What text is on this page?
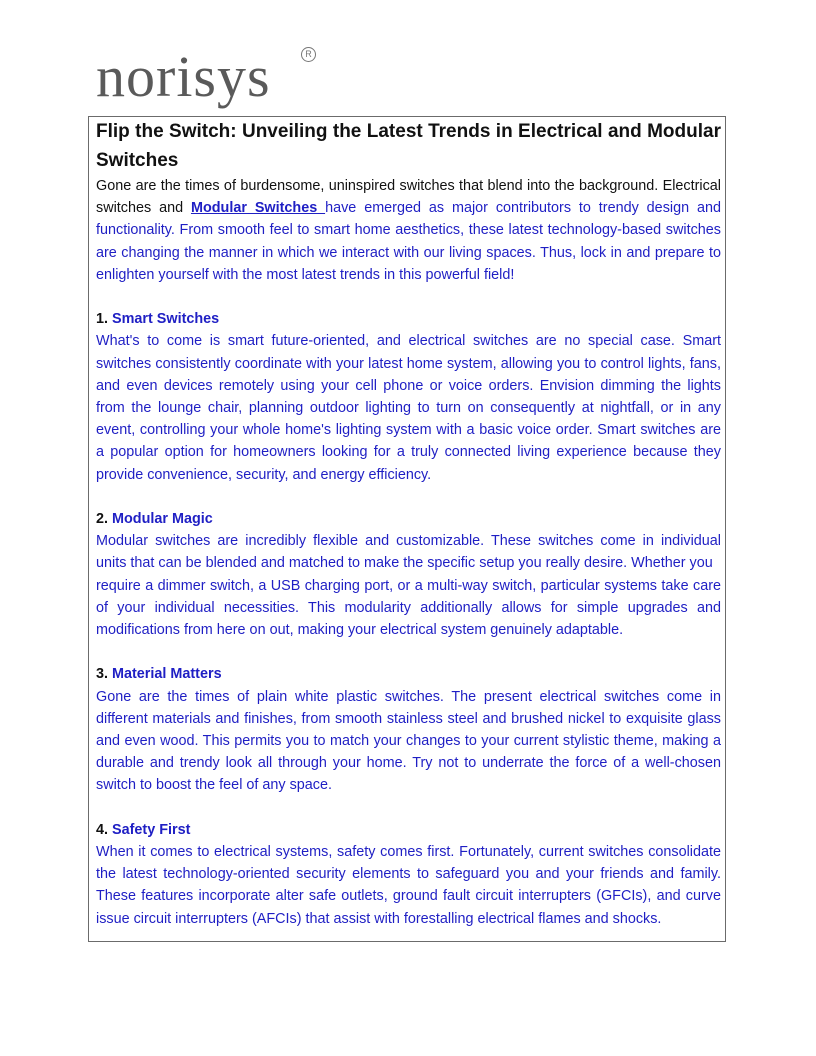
norisys	R
Flip the Switch: Unveiling the Latest Trends in Electrical and Modular Switches

Gone are the times of burdensome, uninspired switches that blend into the background. Electrical switches and Modular Switches have emerged as major contributors to trendy design and functionality. From smooth feel to smart home aesthetics, these latest technology-based switches are changing the manner in which we interact with our living spaces. Thus, lock in and prepare to enlighten yourself with the most latest trends in this powerful field!

1. Smart Switches

What's to come is smart future-oriented, and electrical switches are no special case. Smart switches consistently coordinate with your latest home system, allowing you to control lights, fans, and even devices remotely using your cell phone or voice orders. Envision dimming the lights from the lounge chair, planning outdoor lighting to turn on consequently at nightfall, or in any event, controlling your whole home's lighting system with a basic voice order. Smart switches are a popular option for homeowners looking for a truly connected living experience because they provide convenience, security, and energy efficiency.

2. Modular Magic

Modular switches are incredibly flexible and customizable. These switches come in individual units that can be blended and matched to make the specific setup you really desire. Whether you

require a dimmer switch, a USB charging port, or a multi-way switch, particular systems take care of your individual necessities. This modularity additionally allows for simple upgrades and modifications from here on out, making your electrical system genuinely adaptable.

3. Material Matters

Gone are the times of plain white plastic switches. The present electrical switches come in different materials and finishes, from smooth stainless steel and brushed nickel to exquisite glass and even wood. This permits you to match your changes to your current stylistic theme, making a durable and trendy look all through your home. Try not to underrate the force of a well-chosen switch to boost the feel of any space.

4. Safety First

When it comes to electrical systems, safety comes first. Fortunately, current switches consolidate the latest technology-oriented security elements to safeguard you and your friends and family. These features incorporate alter safe outlets, ground fault circuit interrupters (GFCIs), and curve issue circuit interrupters (AFCIs) that assist with forestalling electrical flames and shocks.
